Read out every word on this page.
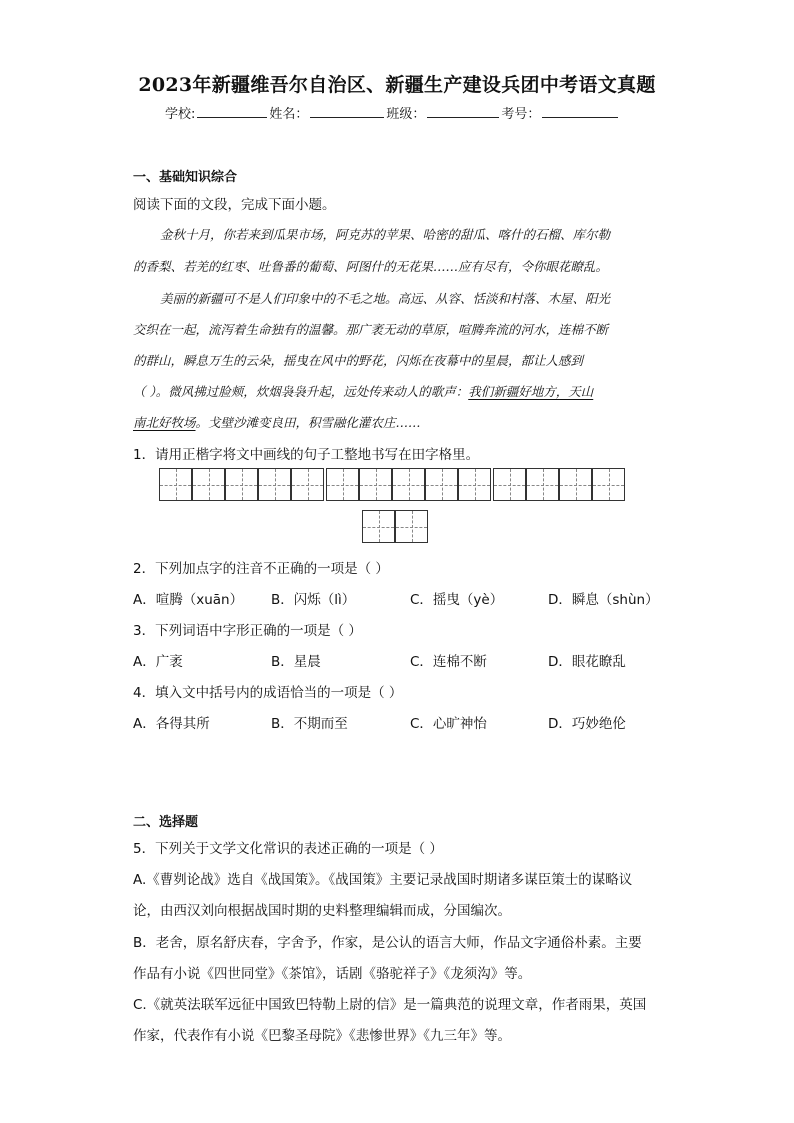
2023年新疆维吾尔自治区、新疆生产建设兵团中考语文真题
学校:	姓名：	班级：	考号：
一、基础知识综合
阅读下面的文段，完成下面小题。
金秋十月，你若来到瓜果市场，阿克苏的苹果、哈密的甜瓜、喀什的石榴、库尔勒
的香梨、若羌的红枣、吐鲁番的葡萄、阿图什的无花果……应有尽有，令你眼花瞭乱。
美丽的新疆可不是人们印象中的不毛之地。高远、从容、恬淡和村落、木屋、阳光
交织在一起，流泻着生命独有的温馨。那广袤无动的草原，喧腾奔流的河水，连棉不断
的群山，瞬息万生的云朵，摇曳在风中的野花，闪烁在夜幕中的星晨，都让人感到
（ ）。微风拂过脸颊，炊烟袅袅升起，远处传来动人的歌声：我们新疆好地方，天山
南北好牧场。戈壁沙滩变良田，积雪融化灌农庄……
1．请用正楷字将文中画线的句子工整地书写在田字格里。
2．下列加点字的注音不正确的一项是（ ）
A．喧腾（xuān） B．闪烁（lì）	C．摇曳（yè）	D．瞬息（shùn）
3．下列词语中字形正确的一项是（ ）
A．广袤	B．星晨	C．连棉不断	D．眼花瞭乱
4．填入文中括号内的成语恰当的一项是（ ）
A．各得其所	B．不期而至	C．心旷神怡	D．巧妙绝伦
二、选择题
5．下列关于文学文化常识的表述正确的一项是（ ）
A.《曹刿论战》选自《战国策》。《战国策》主要记录战国时期诸多谋臣策士的谋略议
论，由西汉刘向根据战国时期的史料整理编辑而成，分国编次。
B．老舍，原名舒庆春，字舍予，作家，是公认的语言大师，作品文字通俗朴素。主要
作品有小说《四世同堂》《茶馆》，话剧《骆驼祥子》《龙须沟》等。
C.《就英法联军远征中国致巴特勒上尉的信》是一篇典范的说理文章，作者雨果，英国
作家，代表作有小说《巴黎圣母院》《悲惨世界》《九三年》等。
